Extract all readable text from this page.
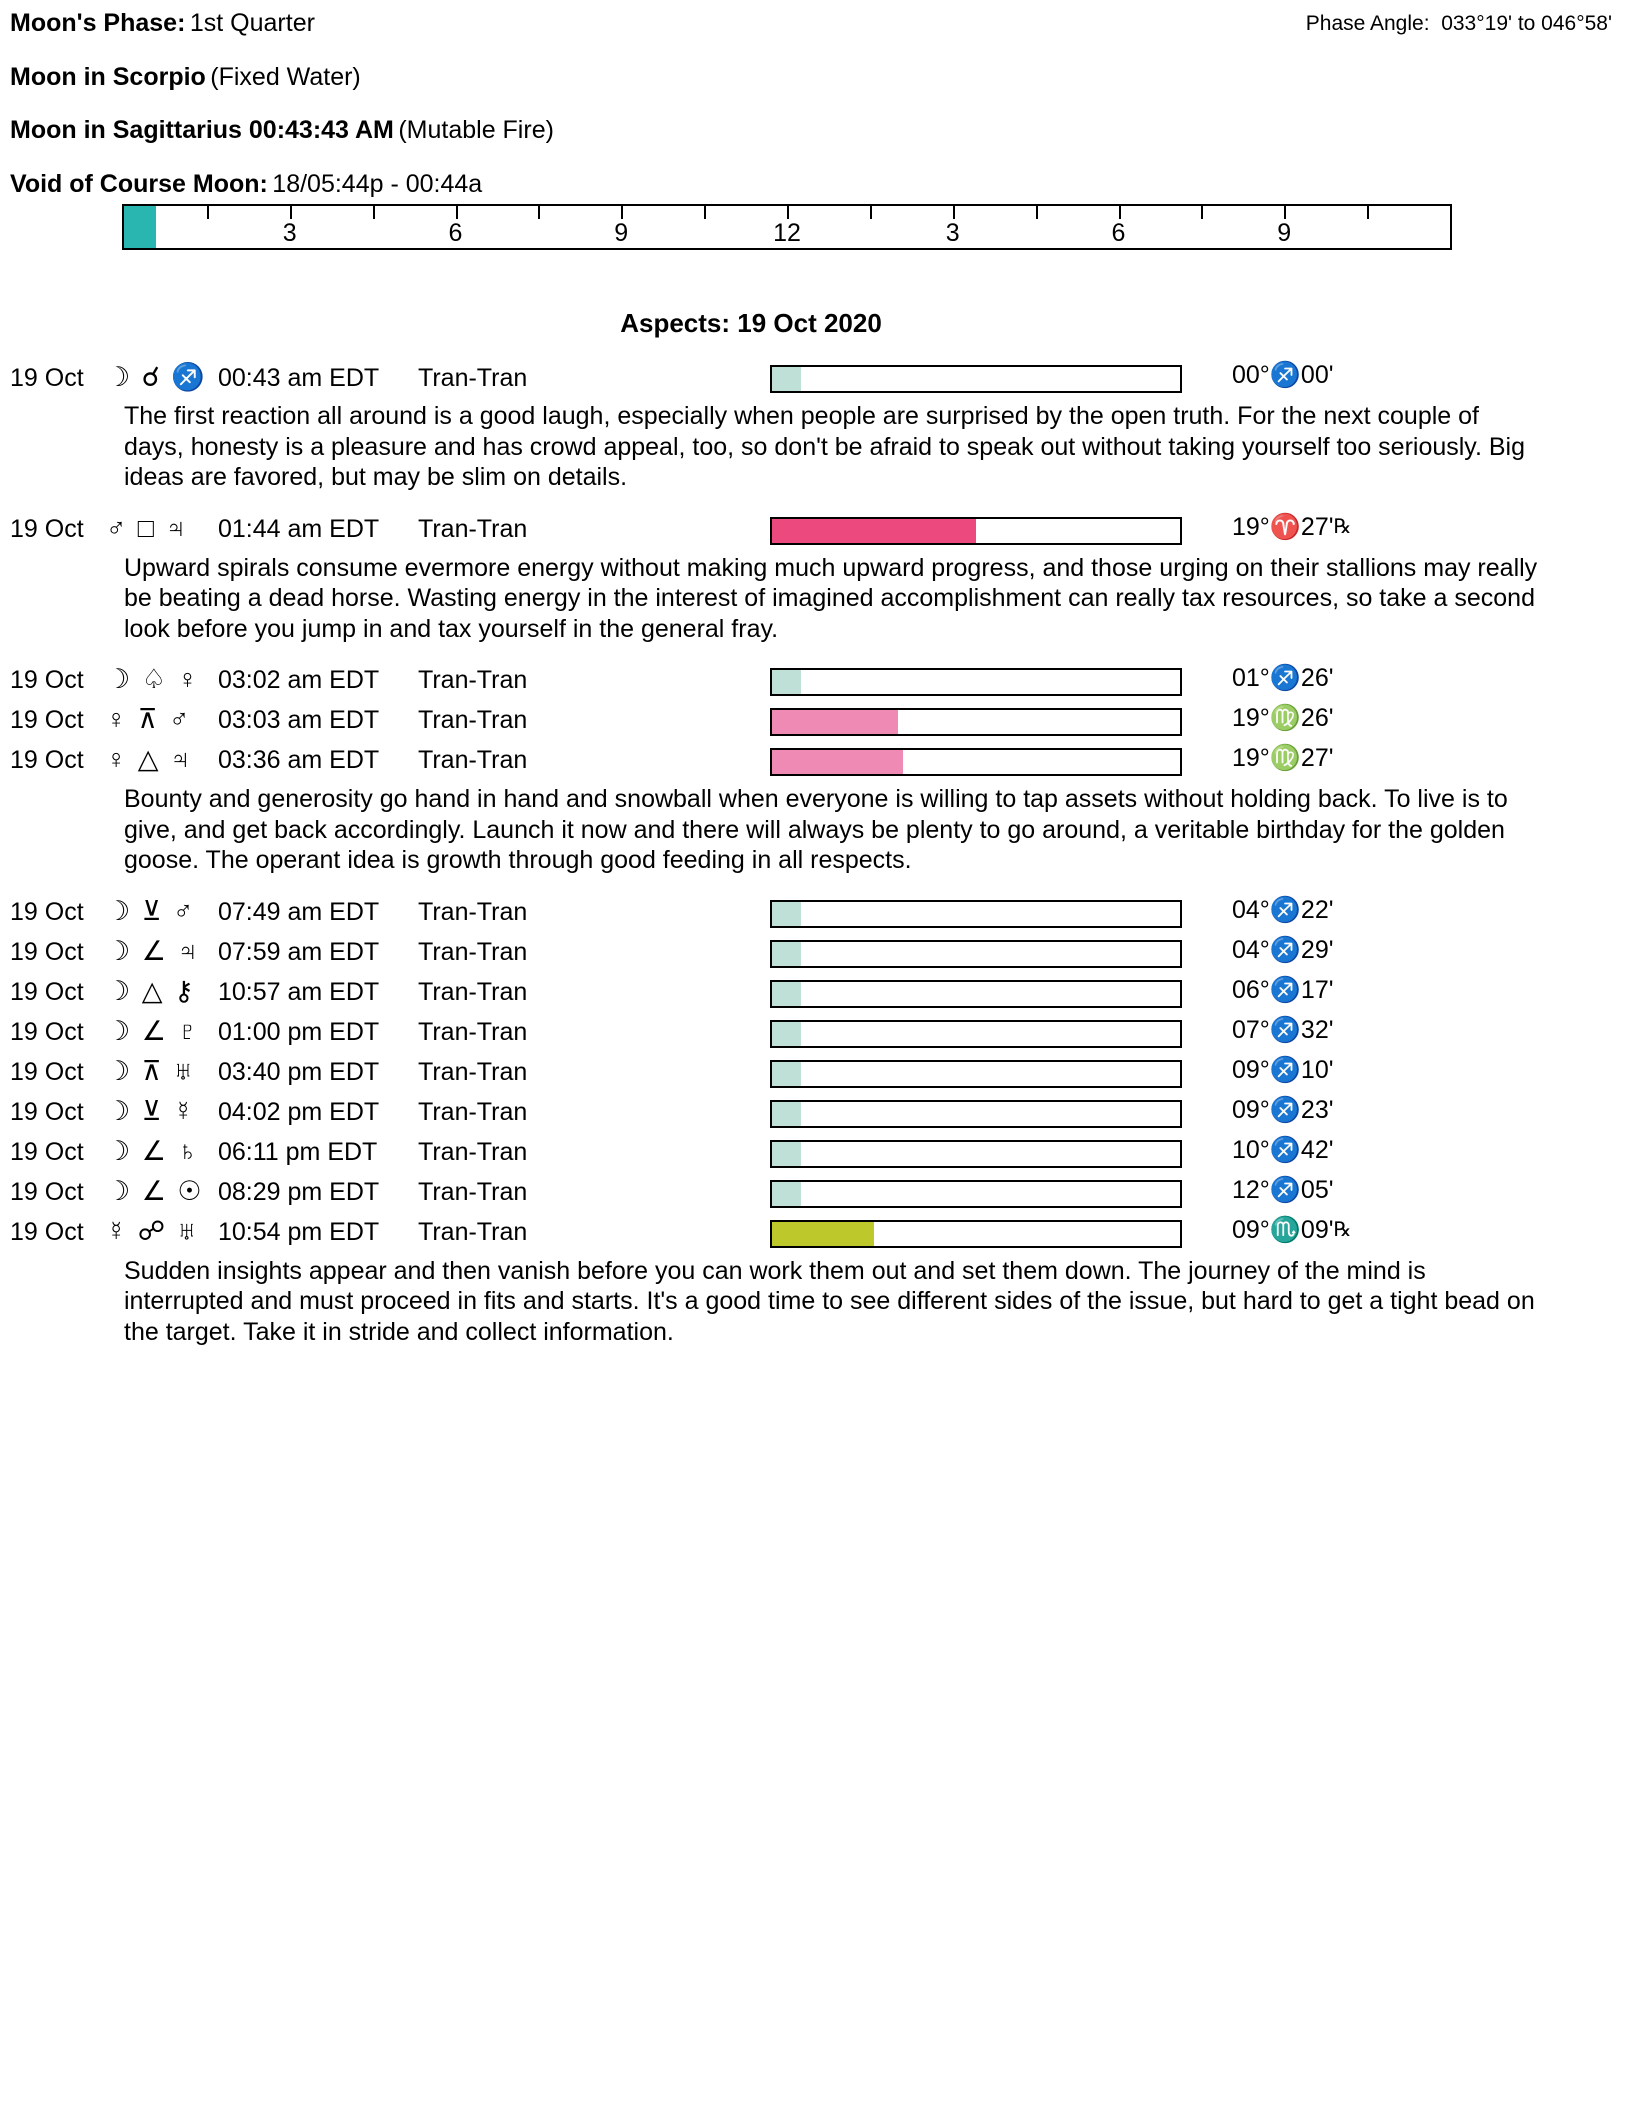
Moon's Phase: 1st Quarter	Phase Angle:  033°19' to 046°58'
Moon in Scorpio (Fixed Water)
Moon in Sagittarius 00:43:43 AM (Mutable Fire)
Void of Course Moon: 18/05:44p - 00:44a
3	6	9	12	3	6	9
Aspects: 19 Oct 2020
19 Oct ☽ ☌ ♐ 00:43 am EDT Tran-Tran	00°♐00'
The first reaction all around is a good laugh, especially when people are surprised by the open truth. For the next couple of days, honesty is a pleasure and has crowd appeal, too, so don't be afraid to speak out without taking yourself too seriously. Big ideas are favored, but may be slim on details.
19 Oct ♂ □ ♃ 01:44 am EDT Tran-Tran	19°♈27'℞
Upward spirals consume evermore energy without making much upward progress, and those urging on their stallions may really be beating a dead horse. Wasting energy in the interest of imagined accomplishment can really tax resources, so take a second look before you jump in and tax yourself in the general fray.
19 Oct ☽ ♤ ♀ 03:02 am EDT Tran-Tran	01°♐26'
19 Oct ♀ ⊼ ♂ 03:03 am EDT Tran-Tran	19°♍26'
19 Oct ♀ △ ♃ 03:36 am EDT Tran-Tran	19°♍27'
Bounty and generosity go hand in hand and snowball when everyone is willing to tap assets without holding back. To live is to give, and get back accordingly. Launch it now and there will always be plenty to go around, a veritable birthday for the golden goose. The operant idea is growth through good feeding in all respects.
19 Oct ☽ ⊻ ♂ 07:49 am EDT Tran-Tran	04°♐22'
19 Oct ☽ ∠ ♃ 07:59 am EDT Tran-Tran	04°♐29'
19 Oct ☽ △ ⚷ 10:57 am EDT Tran-Tran	06°♐17'
19 Oct ☽ ∠ ♇ 01:00 pm EDT Tran-Tran	07°♐32'
19 Oct ☽ ⊼ ♅ 03:40 pm EDT Tran-Tran	09°♐10'
19 Oct ☽ ⊻ ☿ 04:02 pm EDT Tran-Tran	09°♐23'
19 Oct ☽ ∠ ♄ 06:11 pm EDT Tran-Tran	10°♐42'
19 Oct ☽ ∠ ☉ 08:29 pm EDT Tran-Tran	12°♐05'
19 Oct ☿ ☍ ♅ 10:54 pm EDT Tran-Tran	09°♏09'℞
Sudden insights appear and then vanish before you can work them out and set them down. The journey of the mind is interrupted and must proceed in fits and starts. It's a good time to see different sides of the issue, but hard to get a tight bead on the target. Take it in stride and collect information.
